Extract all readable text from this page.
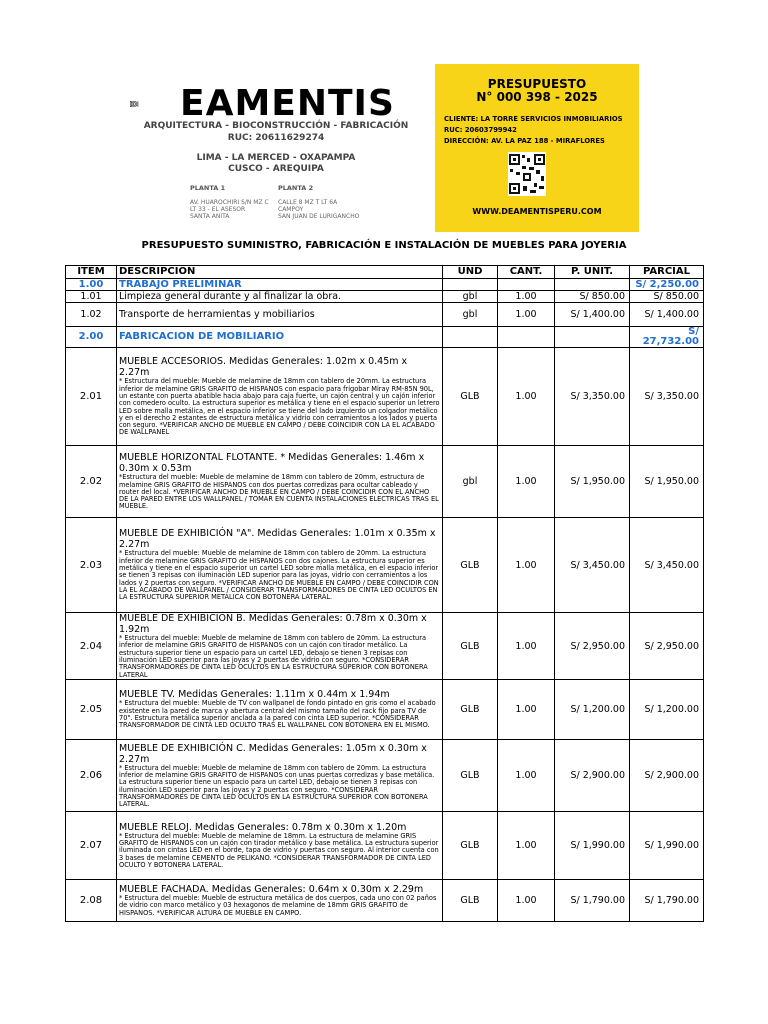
EAMENTIS
ARQUITECTURA - BIOCONSTRUCCIÓN - FABRICACIÓN
RUC: 20611629274
LIMA - LA MERCED - OXAPAMPA
CUSCO - AREQUIPA
PLANTA 1
AV. HUAROCHIRI S/N MZ C
LT 33 - EL ASESOR
SANTA ANITA
PLANTA 2
CALLE 8 MZ T LT 6A
CAMPOY
SAN JUAN DE LURIGANCHO
PRESUPUESTO
N° 000 398 - 2025
CLIENTE: LA TORRE SERVICIOS INMOBILIARIOS
RUC: 20603799942
DIRECCIÓN: AV. LA PAZ 188 - MIRAFLORES
WWW.DEAMENTISPERU.COM
PRESUPUESTO SUMINISTRO, FABRICACIÓN E INSTALACIÓN DE MUEBLES PARA JOYERIA
ITEM	DESCRIPCION	UND	CANT.	P. UNIT.	PARCIAL
1.00	TRABAJO PRELIMINAR				S/ 2,250.00
1.01	Limpieza general durante y al finalizar la obra.	gbl	1.00	S/ 850.00	S/ 850.00
1.02	Transporte de herramientas y mobiliarios	gbl	1.00	S/ 1,400.00	S/ 1,400.00
2.00	FABRICACION DE MOBILIARIO				S/ 27,732.00
2.01	MUEBLE ACCESORIOS. Medidas Generales: 1.02m x 0.45m x 2.27m
* Estructura del mueble: Mueble de melamine de 18mm con tablero de 20mm. La estructura inferior de melamine GRIS GRAFITO de HISPANOS con espacio para frigobar Miray RM-85N 90L, un estante con puerta abatible hacia abajo para caja fuerte, un cajón central y un cajón inferior con comedero oculto. La estructura superior es metálica y tiene en el espacio superior un letrero LED sobre malla metálica, en el espacio inferior se tiene del lado izquierdo un colgador metálico y en el derecho 2 estantes de estructura metálica y vidrio con cerramientos a los lados y puerta con seguro. *VERIFICAR ANCHO DE MUEBLE EN CAMPO / DEBE COINCIDIR CON LA EL ACABADO DE WALLPANEL	GLB	1.00	S/ 3,350.00	S/ 3,350.00
2.02	MUEBLE HORIZONTAL FLOTANTE. * Medidas Generales: 1.46m x 0.30m x 0.53m
*Estructura del mueble: Mueble de melamine de 18mm con tablero de 20mm, estructura de melamine GRIS GRAFITO de HISPANOS con dos puertas corredizas para ocultar cableado y router del local. *VERIFICAR ANCHO DE MUEBLE EN CAMPO / DEBE COINCIDIR CON EL ANCHO DE LA PARED ENTRE LOS WALLPANEL / TOMAR EN CUENTA INSTALACIONES ELECTRICAS TRAS EL MUEBLE.	gbl	1.00	S/ 1,950.00	S/ 1,950.00
2.03	MUEBLE DE EXHIBICIÓN "A". Medidas Generales: 1.01m x 0.35m x 2.27m
* Estructura del mueble: Mueble de melamine de 18mm con tablero de 20mm. La estructura inferior de melamine GRIS GRAFITO de HISPANOS con dos cajones. La estructura superior es metálica y tiene en el espacio superior un cartel LED sobre malla metálica, en el espacio inferior se tienen 3 repisas con iluminación LED superior para las joyas, vidrio con cerramientos a los lados y 2 puertas con seguro. *VERIFICAR ANCHO DE MUEBLE EN CAMPO / DEBE COINCIDIR CON LA EL ACABADO DE WALLPANEL / CONSIDERAR TRANSFORMADORES DE CINTA LED OCULTOS EN LA ESTRUCTURA SUPERIOR METÁLICA CON BOTONERA LATERAL.	GLB	1.00	S/ 3,450.00	S/ 3,450.00
2.04	MUEBLE DE EXHIBICIÓN B. Medidas Generales: 0.78m x 0.30m x 1.92m
* Estructura del mueble: Mueble de melamine de 18mm con tablero de 20mm. La estructura inferior de melamine GRIS GRAFITO de HISPANOS con un cajón con tirador metálico. La estructura superior tiene un espacio para un cartel LED, debajo se tienen 3 repisas con iluminación LED superior para las joyas y 2 puertas de vidrio con seguro. *CONSIDERAR TRANSFORMADORES DE CINTA LED OCULTOS EN LA ESTRUCTURA SUPERIOR CON BOTONERA LATERAL	GLB	1.00	S/ 2,950.00	S/ 2,950.00
2.05	MUEBLE TV. Medidas Generales: 1.11m x 0.44m x 1.94m
* Estructura del mueble: Mueble de TV con wallpanel de fondo pintado en gris como el acabado existente en la pared de marca y abertura central del mismo tamaño del rack fijo para TV de 70". Estructura metálica superior anclada a la pared con cinta LED superior. *CONSIDERAR TRANSFORMADOR DE CINTA LED OCULTO TRAS EL WALLPANEL CON BOTONERA EN EL MISMO.	GLB	1.00	S/ 1,200.00	S/ 1,200.00
2.06	MUEBLE DE EXHIBICIÓN C. Medidas Generales: 1.05m x 0.30m x 2.27m
* Estructura del mueble: Mueble de melamine de 18mm con tablero de 20mm. La estructura inferior de melamine GRIS GRAFITO de HISPANOS con unas puertas corredizas y base metálica. La estructura superior tiene un espacio para un cartel LED, debajo se tienen 3 repisas con iluminación LED superior para las joyas y 2 puertas con seguro. *CONSIDERAR TRANSFORMADORES DE CINTA LED OCULTOS EN LA ESTRUCTURA SUPERIOR CON BOTONERA LATERAL.	GLB	1.00	S/ 2,900.00	S/ 2,900.00
2.07	MUEBLE RELOJ. Medidas Generales: 0.78m x 0.30m x 1.20m
* Estructura del mueble: Mueble de melamine de 18mm. La estructura de melamine GRIS GRAFITO de HISPANOS con un cajón con tirador metálico y base metálica. La estructura superior iluminada con cintas LED en el borde, tapa de vidrio y puertas con seguro. Al interior cuenta con 3 bases de melamine CEMENTO de PELIKANO. *CONSIDERAR TRANSFORMADOR DE CINTA LED OCULTO Y BOTONERA LATERAL.	GLB	1.00	S/ 1,990.00	S/ 1,990.00
2.08	MUEBLE FACHADA. Medidas Generales: 0.64m x 0.30m x 2.29m
* Estructura del mueble: Mueble de estructura metálica de dos cuerpos, cada uno con 02 paños de vidrio con marco metálico y 03 hexagonos de melamine de 18mm GRIS GRAFITO de HISPANOS. *VERIFICAR ALTURA DE MUEBLE EN CAMPO.	GLB	1.00	S/ 1,790.00	S/ 1,790.00
